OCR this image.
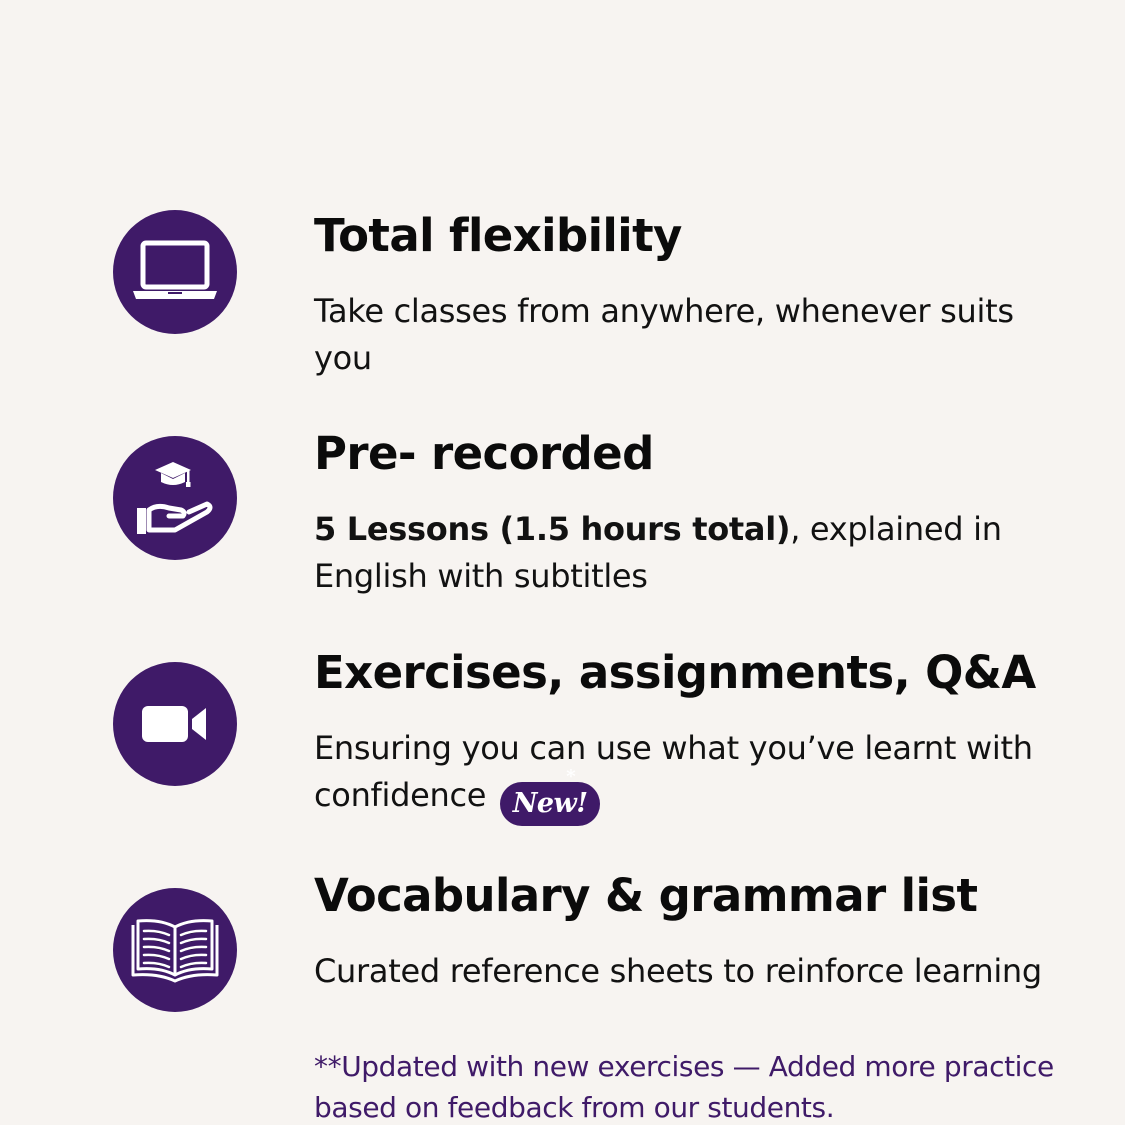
Total flexibility

Take classes from anywhere, whenever suits you

Pre- recorded

5 Lessons (1.5 hours total), explained in English with subtitles

Exercises, assignments, Q&A

Ensuring you can use what you’ve learnt with confidence New!
*

Vocabulary & grammar list

Curated reference sheets to reinforce learning

**Updated with new exercises — Added more practice based on feedback from our students.
